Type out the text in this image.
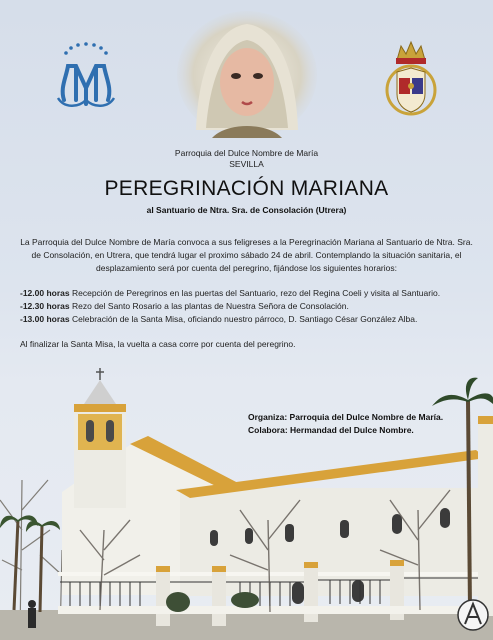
Parroquia del Dulce Nombre de María
SEVILLA
PEREGRINACIÓN MARIANA
al Santuario de Ntra. Sra. de Consolación (Utrera)
La Parroquia del Dulce Nombre de María convoca a sus feligreses a la Peregrinación Mariana al Santuario de Ntra. Sra. de Consolación, en Utrera, que tendrá lugar el proximo sábado 24 de abril. Contemplando la situación sanitaria, el desplazamiento será por cuenta del peregrino, fijándose los siguientes horarios:
-12.00 horas Recepción de Peregrinos en las puertas del Santuario, rezo del Regina Coeli y visita al Santuario.
-12.30 horas Rezo del Santo Rosario a las plantas de Nuestra Señora de Consolación.
-13.00 horas Celebración de la Santa Misa, oficiando nuestro párroco, D. Santiago César González Alba.
Al finalizar la Santa Misa, la vuelta a casa corre por cuenta del peregrino.
Organiza: Parroquia del Dulce Nombre de María.
Colabora: Hermandad del Dulce Nombre.
